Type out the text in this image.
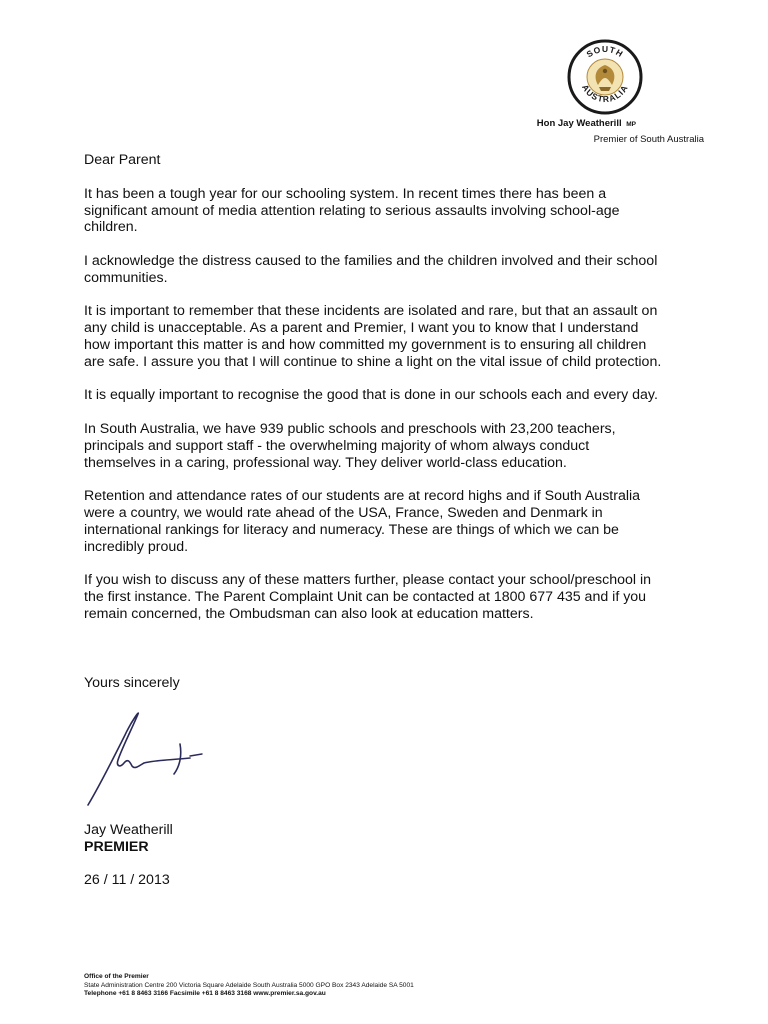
SOUTH
AUSTRALIA
Hon Jay Weatherill MP
Premier of South Australia

Dear Parent

It has been a tough year for our schooling system. In recent times there has been a significant amount of media attention relating to serious assaults involving school-age children.

I acknowledge the distress caused to the families and the children involved and their school communities.

It is important to remember that these incidents are isolated and rare, but that an assault on any child is unacceptable. As a parent and Premier, I want you to know that I understand how important this matter is and how committed my government is to ensuring all children are safe. I assure you that I will continue to shine a light on the vital issue of child protection.

It is equally important to recognise the good that is done in our schools each and every day.

In South Australia, we have 939 public schools and preschools with 23,200 teachers, principals and support staff - the overwhelming majority of whom always conduct themselves in a caring, professional way. They deliver world-class education.

Retention and attendance rates of our students are at record highs and if South Australia were a country, we would rate ahead of the USA, France, Sweden and Denmark in international rankings for literacy and numeracy. These are things of which we can be incredibly proud.

If you wish to discuss any of these matters further, please contact your school/preschool in the first instance. The Parent Complaint Unit can be contacted at 1800 677 435 and if you remain concerned, the Ombudsman can also look at education matters.

Yours sincerely
Jay Weatherill
PREMIER
26 / 11 / 2013
Office of the Premier
State Administration Centre 200 Victoria Square Adelaide South Australia 5000 GPO Box 2343 Adelaide SA 5001
Telephone +61 8 8463 3166 Facsimile +61 8 8463 3168 www.premier.sa.gov.au
